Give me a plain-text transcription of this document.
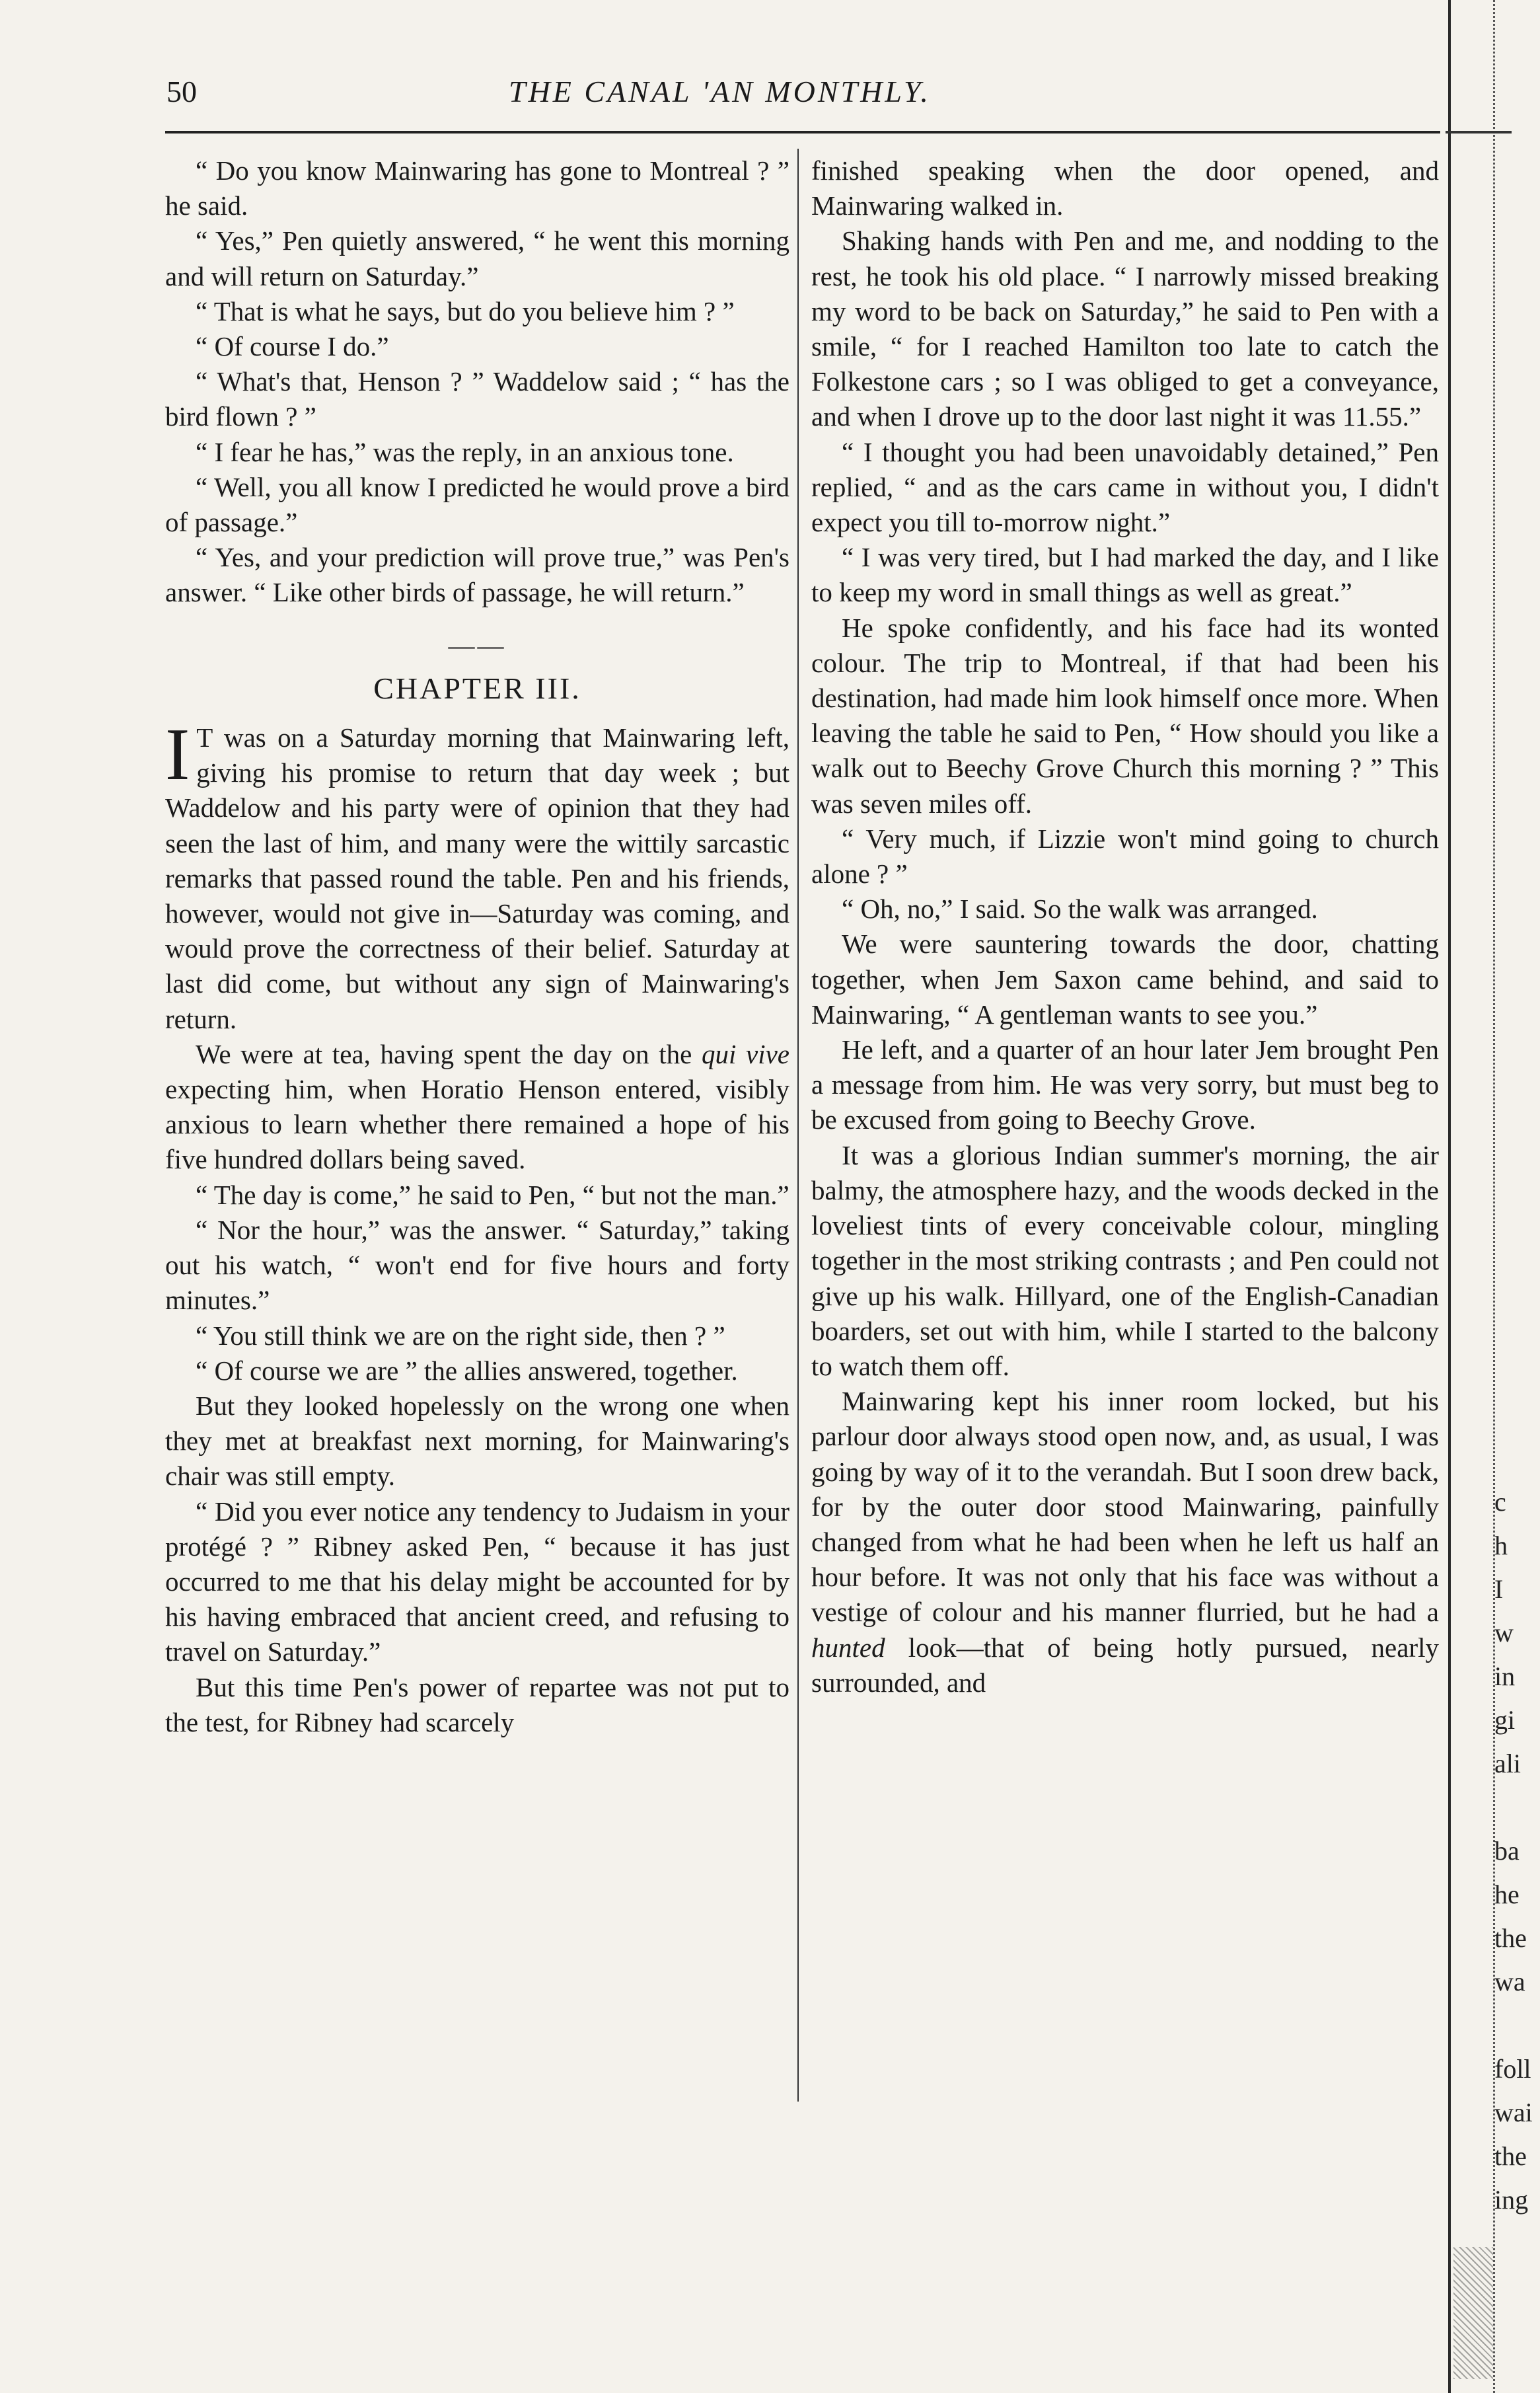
50	THE CANAL 'AN MONTHLY.

“ Do you know Mainwaring has gone to Montreal ? ” he said.

“ Yes,” Pen quietly answered, “ he went this morning and will return on Saturday.”

“ That is what he says, but do you believe him ? ”

“ Of course I do.”

“ What's that, Henson ? ” Waddelow said ; “ has the bird flown ? ”

“ I fear he has,” was the reply, in an anxious tone.

“ Well, you all know I predicted he would prove a bird of passage.”

“ Yes, and your prediction will prove true,” was Pen's answer. “ Like other birds of passage, he will return.”

——
CHAPTER III.

I T was on a Saturday morning that Mainwaring left, giving his promise to return that day week ; but Waddelow and his party were of opinion that they had seen the last of him, and many were the wittily sarcastic remarks that passed round the table. Pen and his friends, however, would not give in—Saturday was coming, and would prove the correctness of their belief. Saturday at last did come, but without any sign of Mainwaring's return.

We were at tea, having spent the day on the qui vive expecting him, when Horatio Henson entered, visibly anxious to learn whether there remained a hope of his five hundred dollars being saved.

“ The day is come,” he said to Pen, “ but not the man.”

“ Nor the hour,” was the answer. “ Saturday,” taking out his watch, “ won't end for five hours and forty minutes.”

“ You still think we are on the right side, then ? ”

“ Of course we are ” the allies answered, together.

But they looked hopelessly on the wrong one when they met at breakfast next morning, for Mainwaring's chair was still empty.

“ Did you ever notice any tendency to Judaism in your protégé ? ” Ribney asked Pen, “ because it has just occurred to me that his delay might be accounted for by his having embraced that ancient creed, and refusing to travel on Saturday.”

But this time Pen's power of repartee was not put to the test, for Ribney had scarcely

finished speaking when the door opened, and Mainwaring walked in.

Shaking hands with Pen and me, and nodding to the rest, he took his old place. “ I narrowly missed breaking my word to be back on Saturday,” he said to Pen with a smile, “ for I reached Hamilton too late to catch the Folkestone cars ; so I was obliged to get a conveyance, and when I drove up to the door last night it was 11.55.”

“ I thought you had been unavoidably detained,” Pen replied, “ and as the cars came in without you, I didn't expect you till to-morrow night.”

“ I was very tired, but I had marked the day, and I like to keep my word in small things as well as great.”

He spoke confidently, and his face had its wonted colour. The trip to Montreal, if that had been his destination, had made him look himself once more. When leaving the table he said to Pen, “ How should you like a walk out to Beechy Grove Church this morning ? ” This was seven miles off.

“ Very much, if Lizzie won't mind going to church alone ? ”

“ Oh, no,” I said. So the walk was arranged.

We were sauntering towards the door, chatting together, when Jem Saxon came behind, and said to Mainwaring, “ A gentleman wants to see you.”

He left, and a quarter of an hour later Jem brought Pen a message from him. He was very sorry, but must beg to be excused from going to Beechy Grove.

It was a glorious Indian summer's morning, the air balmy, the atmosphere hazy, and the woods decked in the loveliest tints of every conceivable colour, mingling together in the most striking contrasts ; and Pen could not give up his walk. Hillyard, one of the English-Canadian boarders, set out with him, while I started to the balcony to watch them off.

Mainwaring kept his inner room locked, but his parlour door always stood open now, and, as usual, I was going by way of it to the verandah. But I soon drew back, for by the outer door stood Mainwaring, painfully changed from what he had been when he left us half an hour before. It was not only that his face was without a vestige of colour and his manner flurried, but he had a hunted look—that of being hotly pursued, nearly surrounded, and

c
h
I
w
in
gi
ali
ba
he
the
wa
foll
wai
the
ing
